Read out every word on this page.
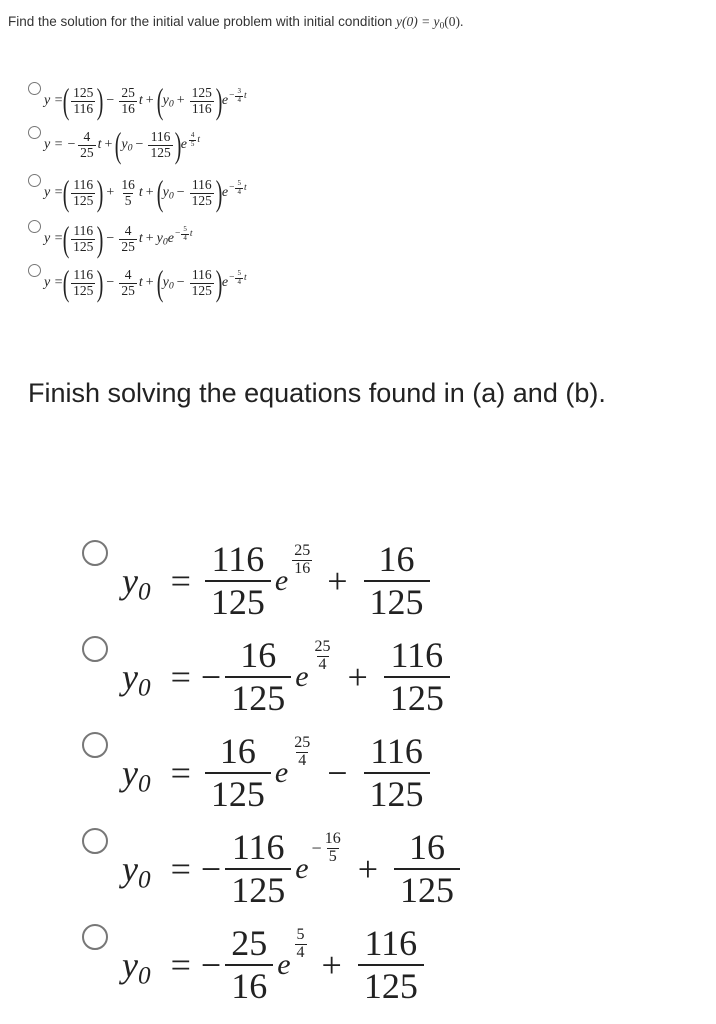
Find the solution for the initial value problem with initial condition $y(0) = y_0(0)$.
y = ( $\frac{125}{116}$ ) − $\frac{25}{16}$ t + ( $y_0 + \frac{125}{116}$ ) $e - \frac{3}{4}$ t
y = − $\frac{4}{25}$ t + ( $y_0 - \frac{116}{125}$ ) e $\frac{4}{5}$ t
y = ( $\frac{116}{125}$ ) + $\frac{16}{5}$ t + ( $y_0 - \frac{116}{125}$ ) $e - \frac{5}{4}$ t
y = ( $\frac{116}{125}$ ) − $\frac{4}{25}$ $t + y_0$ $e - \frac{5}{4}$ t
y = ( $\frac{116}{125}$ ) − $\frac{4}{25}$ t + ( $y_0 - \frac{116}{125}$ ) $e - \frac{5}{4}$ t
Finish solving the equations found in (a) and (b).
$y_0 = \frac{116}{125}$ e
$\frac{25}{16}$
+ $\frac{16}{125}$
$y_0$ = − $\frac{16}{125}$ e
$\frac{25}{4}$
+ $\frac{116}{125}$
$y_0 = \frac{16}{125}$ e
$\frac{25}{4}$
− $\frac{116}{125}$
$y_0$ = − $\frac{116}{125}$ e
− $\frac{16}{5}$
+ $\frac{16}{125}$
$y_0$ = − $\frac{25}{16}$ e
$\frac{5}{4}$
+ $\frac{116}{125}$
